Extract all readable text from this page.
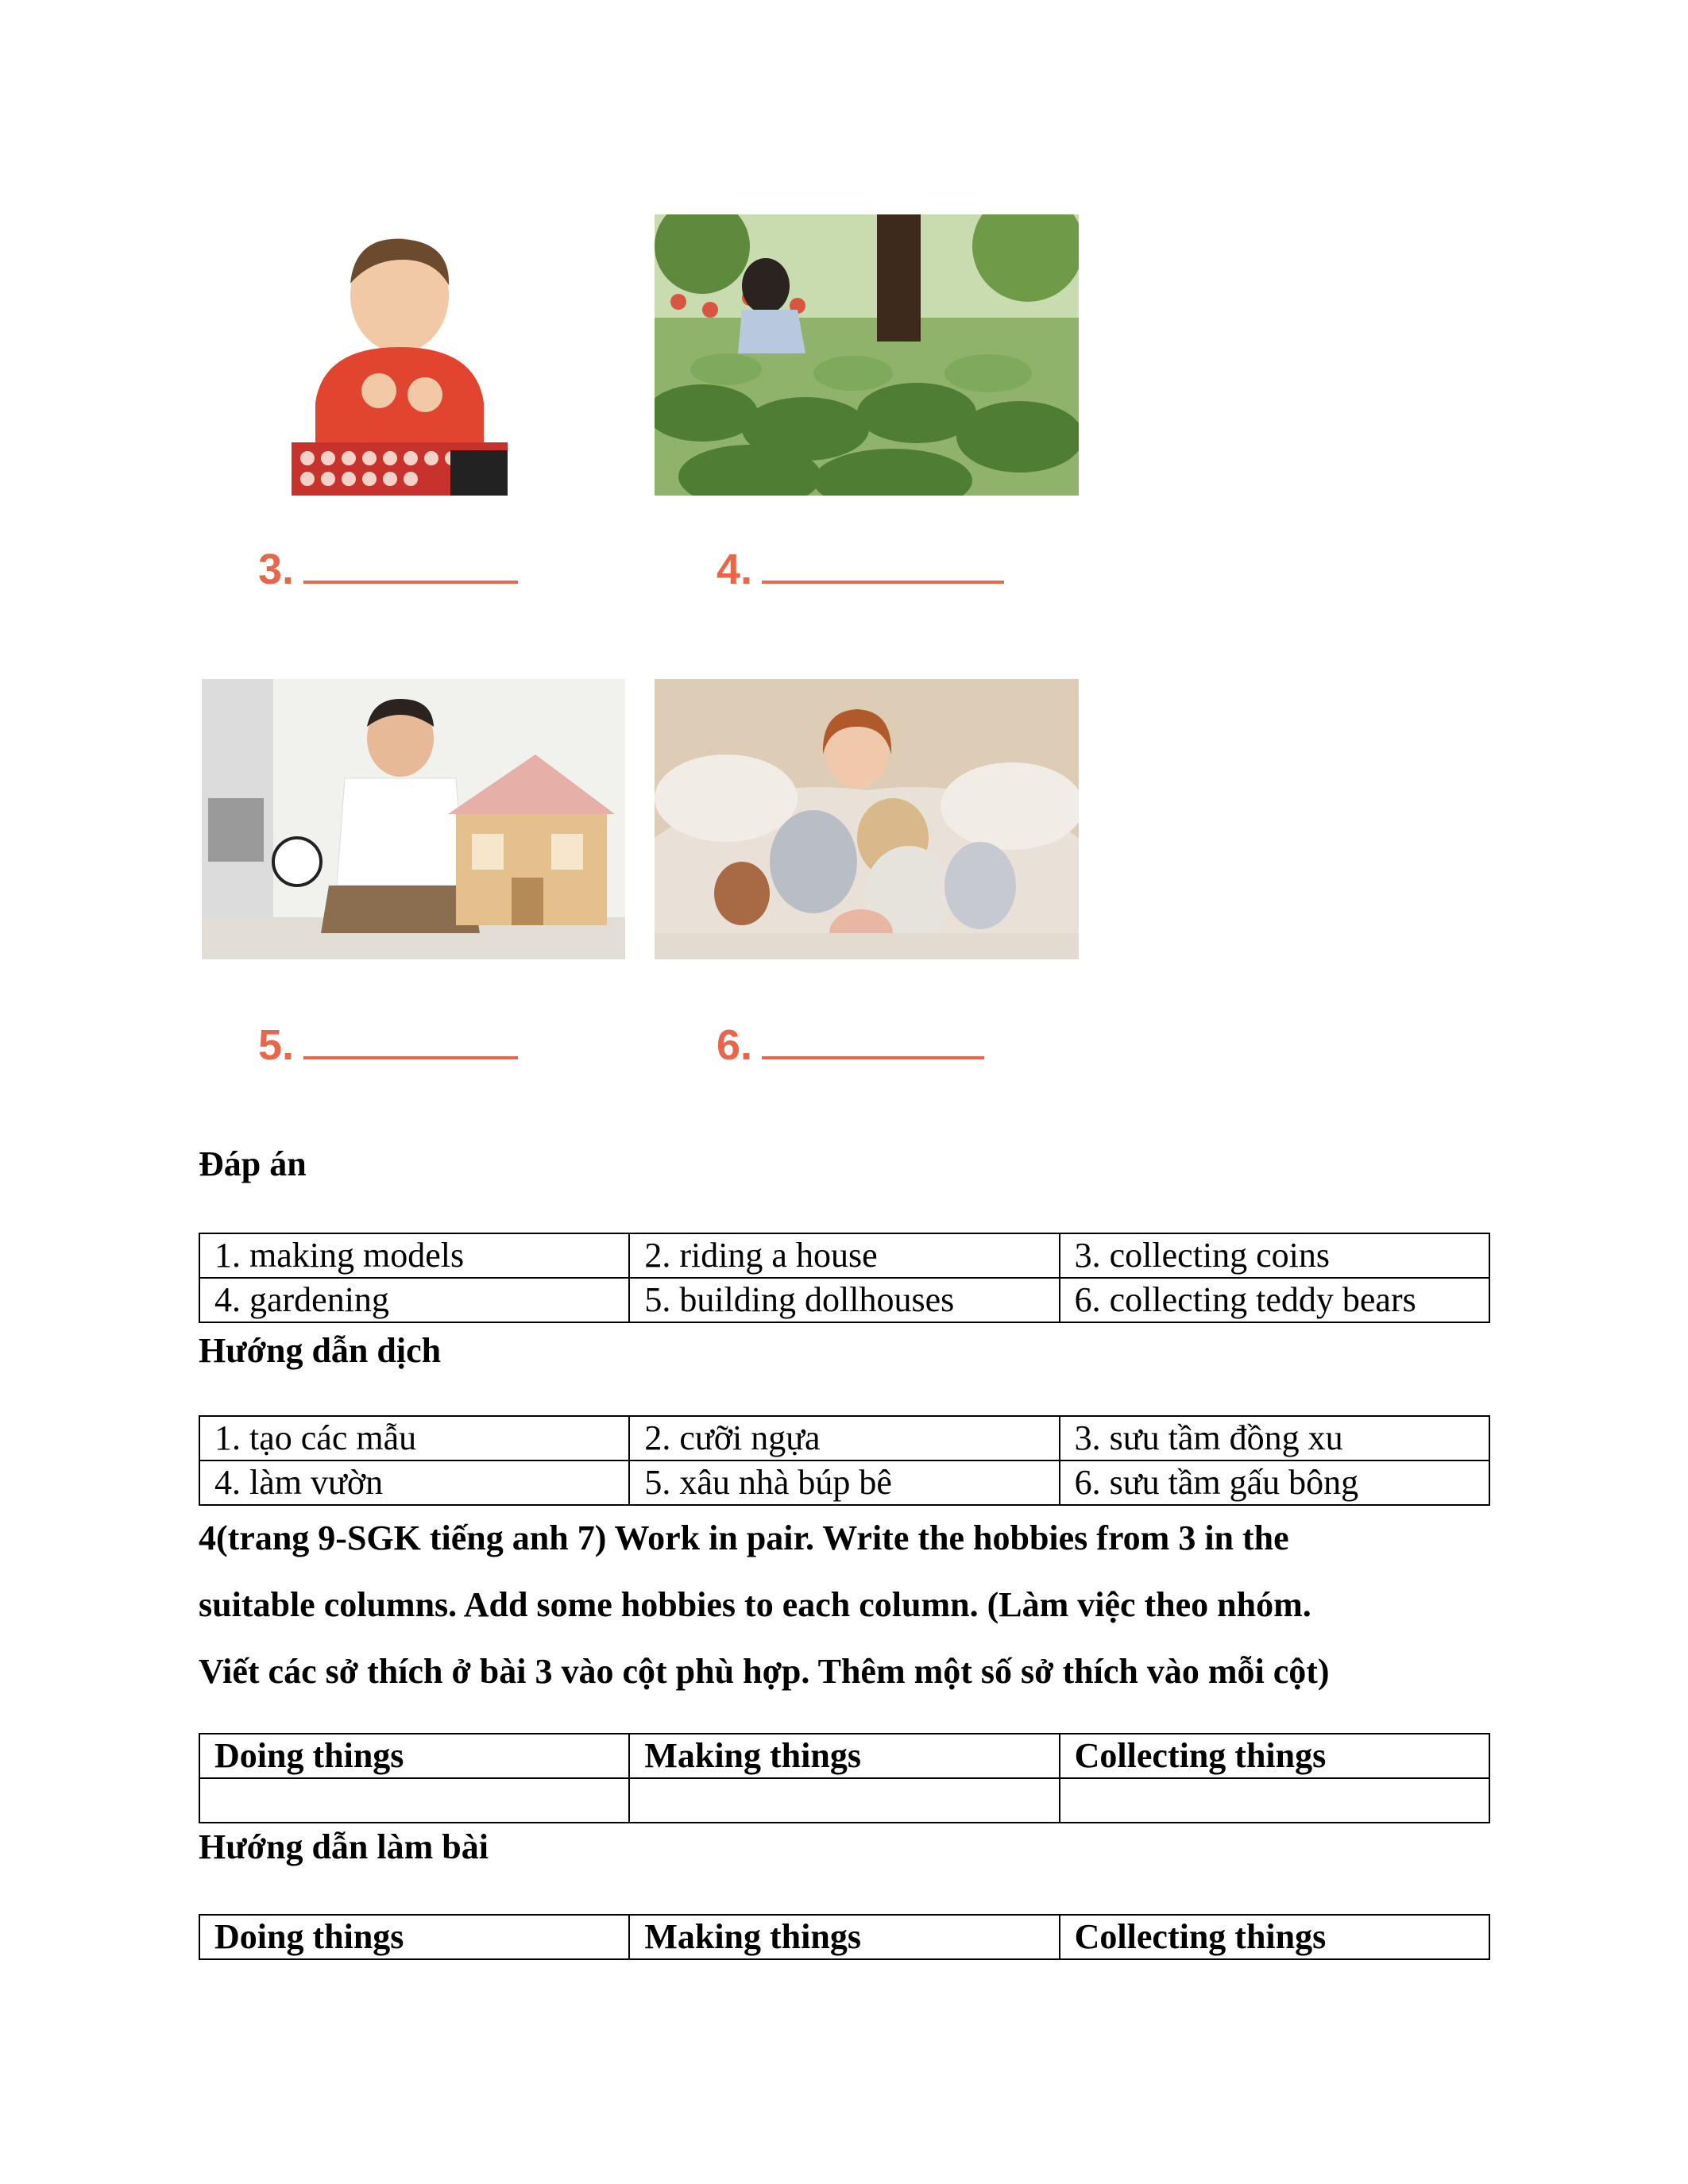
3.	4.
5.	6.
Đáp án
1. making models	2. riding a house	3. collecting coins
4. gardening	5. building dollhouses	6. collecting teddy bears
Hướng dẫn dịch
1. tạo các mẫu	2. cưỡi ngựa	3. sưu tầm đồng xu
4. làm vườn	5. xâu nhà búp bê	6. sưu tầm gấu bông
4(trang 9-SGK tiếng anh 7) Work in pair. Write the hobbies from 3 in the
suitable columns. Add some hobbies to each column. (Làm việc theo nhóm.
Viết các sở thích ở bài 3 vào cột phù hợp. Thêm một số sở thích vào mỗi cột)
Doing things	Making things	Collecting things

Hướng dẫn làm bài
Doing things	Making things	Collecting things
